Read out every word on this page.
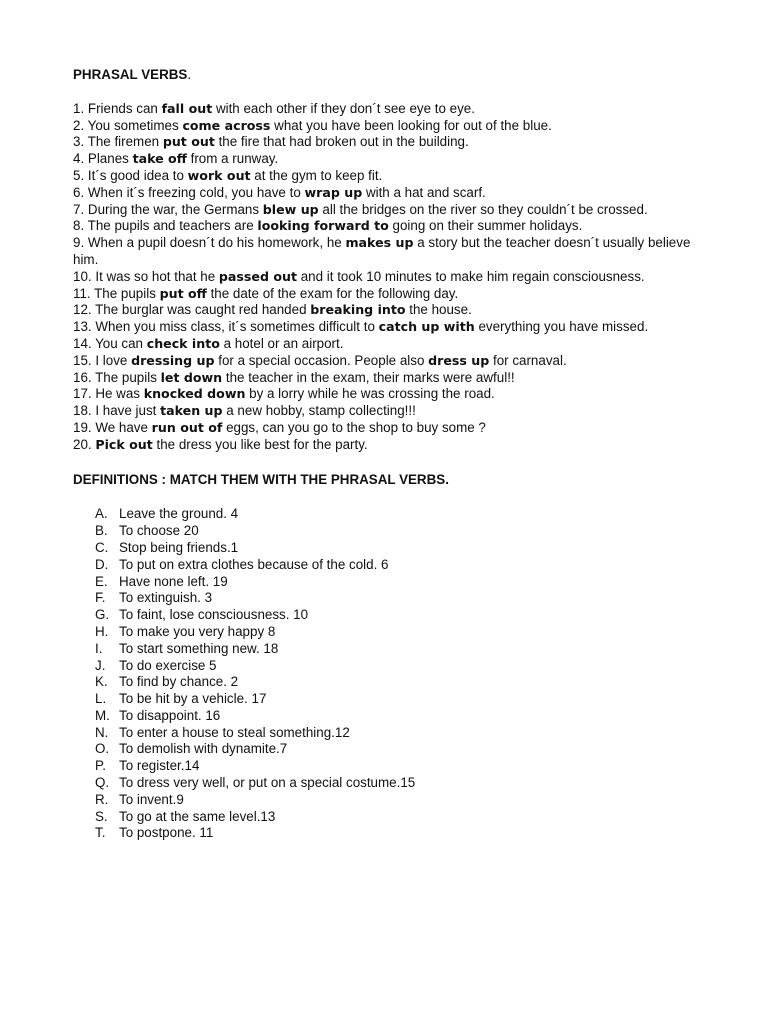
PHRASAL VERBS.
1. Friends can fall out with each other if they don´t see eye to eye.
2. You sometimes come across what you have been looking for out of the blue.
3. The firemen put out the fire that had broken out in the building.
4. Planes take off from a runway.
5. It´s good idea to work out at the gym to keep fit.
6. When it´s freezing cold, you have to wrap up with a hat and scarf.
7. During the war, the Germans blew up all the bridges on the river so they couldn´t be crossed.
8. The pupils and teachers are looking forward to going on their summer holidays.
9. When a pupil doesn´t do his homework, he makes up a story but the teacher doesn´t usually believe him.
10. It was so hot that he passed out and it took 10 minutes to make him regain consciousness.
11. The pupils put off the date of the exam for the following day.
12. The burglar was caught red handed breaking into the house.
13. When you miss class, it´s sometimes difficult to catch up with everything you have missed.
14. You can check into a hotel or an airport.
15. I love dressing up for a special occasion. People also dress up for carnaval.
16. The pupils let down the teacher in the exam, their marks were awful!!
17. He was knocked down by a lorry while he was crossing the road.
18. I have just taken up a new hobby, stamp collecting!!!
19. We have run out of eggs, can you go to the shop to buy some ?
20. Pick out the dress you like best for the party.
DEFINITIONS : MATCH THEM WITH THE PHRASAL VERBS.
A. Leave the ground. 4
B. To choose 20
C. Stop being friends.1
D. To put on extra clothes because of the cold. 6
E. Have none left. 19
F.	To extinguish. 3
G. To faint, lose consciousness. 10
H. To make you very happy 8
I.	To start something new. 18
J.	To do exercise 5
K. To find by chance. 2
L. To be hit by a vehicle. 17
M. To disappoint. 16
N. To enter a house to steal something.12
O. To demolish with dynamite.7
P. To register.14
Q. To dress very well, or put on a special costume.15
R. To invent.9
S. To go at the same level.13
T.	To postpone. 11
